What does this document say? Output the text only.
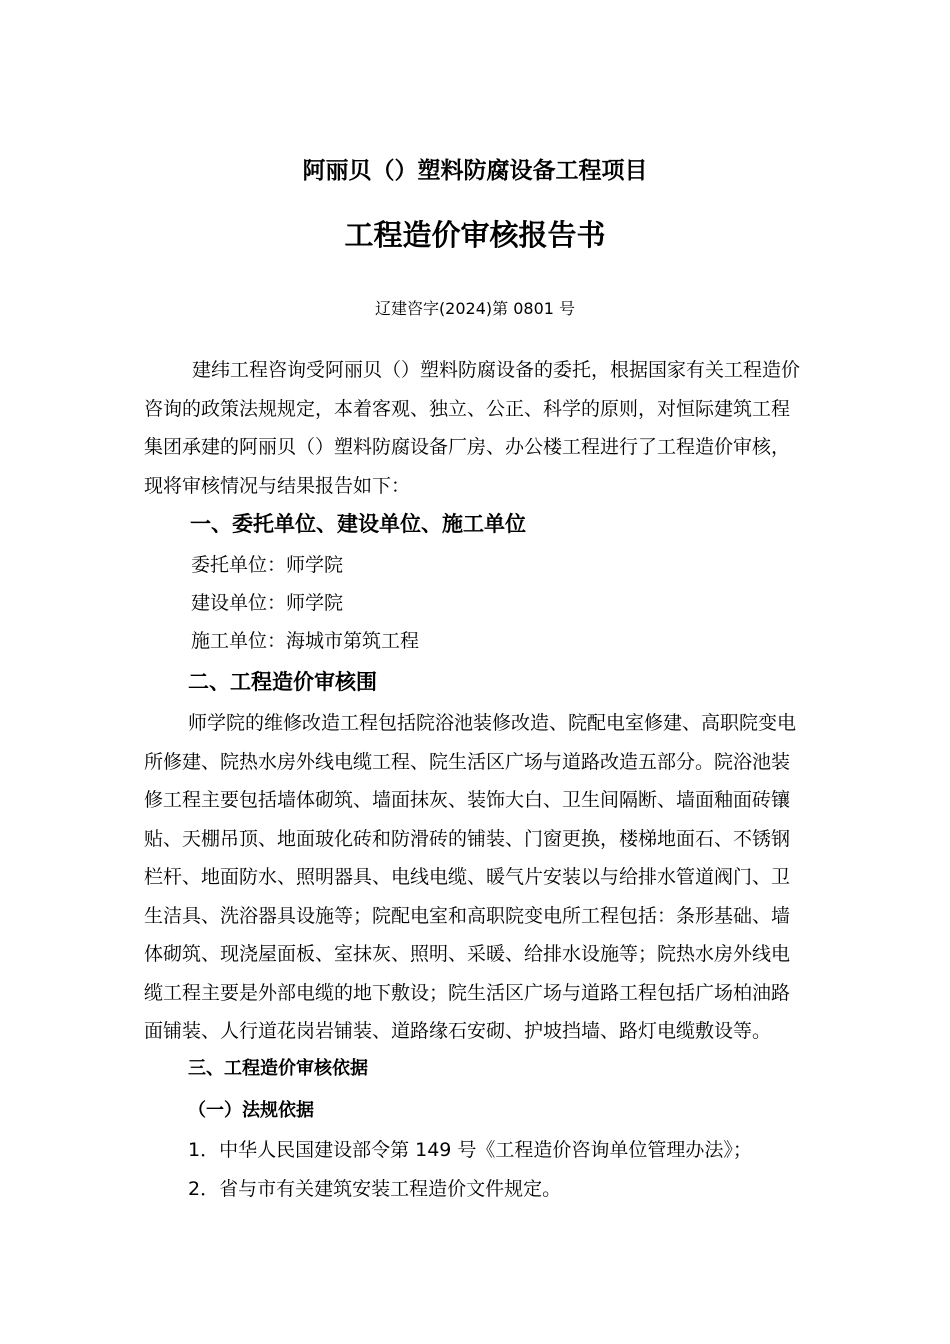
阿丽贝（）塑料防腐设备工程项目
工程造价审核报告书
辽建咨字(2024)第 0801 号

建纬工程咨询受阿丽贝（）塑料防腐设备的委托，根据国家有关工程造价

咨询的政策法规规定，本着客观、独立、公正、科学的原则，对恒际建筑工程

集团承建的阿丽贝（）塑料防腐设备厂房、办公楼工程进行了工程造价审核，

现将审核情况与结果报告如下：

一、委托单位、建设单位、施工单位
委托单位：师学院
建设单位：师学院
施工单位：海城市第筑工程
二、工程造价审核围

师学院的维修改造工程包括院浴池装修改造、院配电室修建、高职院变电

所修建、院热水房外线电缆工程、院生活区广场与道路改造五部分。院浴池装

修工程主要包括墙体砌筑、墙面抹灰、装饰大白、卫生间隔断、墙面釉面砖镶

贴、天棚吊顶、地面玻化砖和防滑砖的铺装、门窗更换，楼梯地面石、不锈钢

栏杆、地面防水、照明器具、电线电缆、暖气片安装以与给排水管道阀门、卫

生洁具、洗浴器具设施等；院配电室和高职院变电所工程包括：条形基础、墙

体砌筑、现浇屋面板、室抹灰、照明、采暖、给排水设施等；院热水房外线电

缆工程主要是外部电缆的地下敷设；院生活区广场与道路工程包括广场柏油路

面铺装、人行道花岗岩铺装、道路缘石安砌、护坡挡墙、路灯电缆敷设等。

三、工程造价审核依据
（一）法规依据
1．中华人民国建设部令第 149 号《工程造价咨询单位管理办法》；
2．省与市有关建筑安装工程造价文件规定。
